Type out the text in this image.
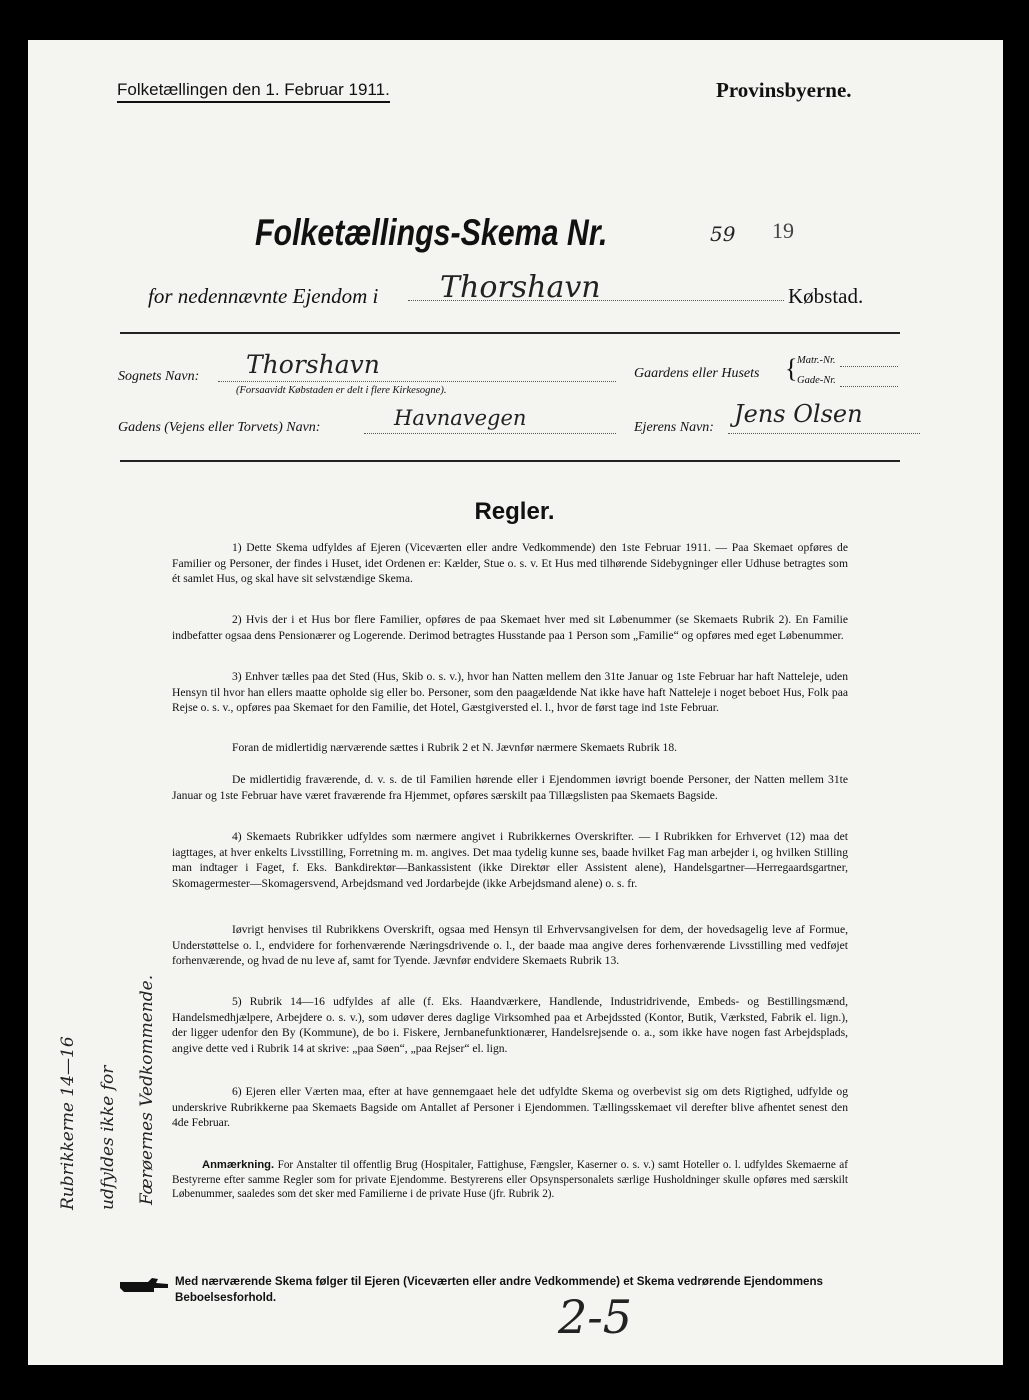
Folketællingen den 1. Februar 1911.	Provinsbyerne.
Folketællings-Skema Nr.	59 19
for nedennævnte Ejendom i Thorshavn	Købstad.
Sognets Navn: Thorshavn
(Forsaavidt Købstaden er delt i flere Kirkesogne).
Gaardens eller Husets { Matr.-Nr.
Gade-Nr.
Gadens (Vejens eller Torvets) Navn:	Havnavegen	Ejerens Navn: Jens Olsen
Regler.
1) Dette Skema udfyldes af Ejeren (Viceværten eller andre Vedkommende) den 1ste Februar 1911. — Paa Skemaet opføres de Familier og Personer, der findes i Huset, idet Ordenen er: Kælder, Stue o. s. v. Et Hus med tilhørende Sidebygninger eller Udhuse betragtes som ét samlet Hus, og skal have sit selvstændige Skema.
2) Hvis der i et Hus bor flere Familier, opføres de paa Skemaet hver med sit Løbenummer (se Skemaets Rubrik 2). En Familie indbefatter ogsaa dens Pensionærer og Logerende. Derimod betragtes Husstande paa 1 Person som „Familie“ og opføres med eget Løbenummer.
3) Enhver tælles paa det Sted (Hus, Skib o. s. v.), hvor han Natten mellem den 31te Januar og 1ste Februar har haft Natteleje, uden Hensyn til hvor han ellers maatte opholde sig eller bo. Personer, som den paagældende Nat ikke have haft Natteleje i noget beboet Hus, Folk paa Rejse o. s. v., opføres paa Skemaet for den Familie, det Hotel, Gæstgiversted el. l., hvor de først tage ind 1ste Februar.
Foran de midlertidig nærværende sættes i Rubrik 2 et N. Jævnfør nærmere Skemaets Rubrik 18.
De midlertidig fraværende, d. v. s. de til Familien hørende eller i Ejendommen iøvrigt boende Personer, der Natten mellem 31te Januar og 1ste Februar have været fraværende fra Hjemmet, opføres særskilt paa Tillægslisten paa Skemaets Bagside.
4) Skemaets Rubrikker udfyldes som nærmere angivet i Rubrikkernes Overskrifter. — I Rubrikken for Erhvervet (12) maa det iagttages, at hver enkelts Livsstilling, Forretning m. m. angives. Det maa tydelig kunne ses, baade hvilket Fag man arbejder i, og hvilken Stilling man indtager i Faget, f. Eks. Bankdirektør—Bankassistent (ikke Direktør eller Assistent alene), Handelsgartner—Herregaardsgartner, Skomagermester—Skomagersvend, Arbejdsmand ved Jordarbejde (ikke Arbejdsmand alene) o. s. fr.
Iøvrigt henvises til Rubrikkens Overskrift, ogsaa med Hensyn til Erhvervsangivelsen for dem, der hovedsagelig leve af Formue, Understøttelse o. l., endvidere for forhenværende Næringsdrivende o. l., der baade maa angive deres forhenværende Livsstilling med vedføjet forhenværende, og hvad de nu leve af, samt for Tyende. Jævnfør endvidere Skemaets Rubrik 13.
5) Rubrik 14—16 udfyldes af alle (f. Eks. Haandværkere, Handlende, Industridrivende, Embeds- og Bestillingsmænd, Handelsmedhjælpere, Arbejdere o. s. v.), som udøver deres daglige Virksomhed paa et Arbejdssted (Kontor, Butik, Værksted, Fabrik el. lign.), der ligger udenfor den By (Kommune), de bo i. Fiskere, Jernbanefunktionærer, Handelsrejsende o. a., som ikke have nogen fast Arbejdsplads, angive dette ved i Rubrik 14 at skrive: „paa Søen“, „paa Rejser“ el. lign.
6) Ejeren eller Værten maa, efter at have gennemgaaet hele det udfyldte Skema og overbevist sig om dets Rigtighed, udfylde og underskrive Rubrikkerne paa Skemaets Bagside om Antallet af Personer i Ejendommen. Tællingsskemaet vil derefter blive afhentet senest den 4de Februar.
Anmærkning. For Anstalter til offentlig Brug (Hospitaler, Fattighuse, Fængsler, Kaserner o. s. v.) samt Hoteller o. l. udfyldes Skemaerne af Bestyrerne efter samme Regler som for private Ejendomme. Bestyrerens eller Opsynspersonalets særlige Husholdninger skulle opføres med særskilt Løbenummer, saaledes som det sker med Familierne i de private Huse (jfr. Rubrik 2).
Rubrikkerne 14—16 udfyldes ikke for Færøernes Vedkommende.
Med nærværende Skema følger til Ejeren (Viceværten eller andre Vedkommende) et Skema vedrørende Ejendommens Beboelsesforhold.	2-5
